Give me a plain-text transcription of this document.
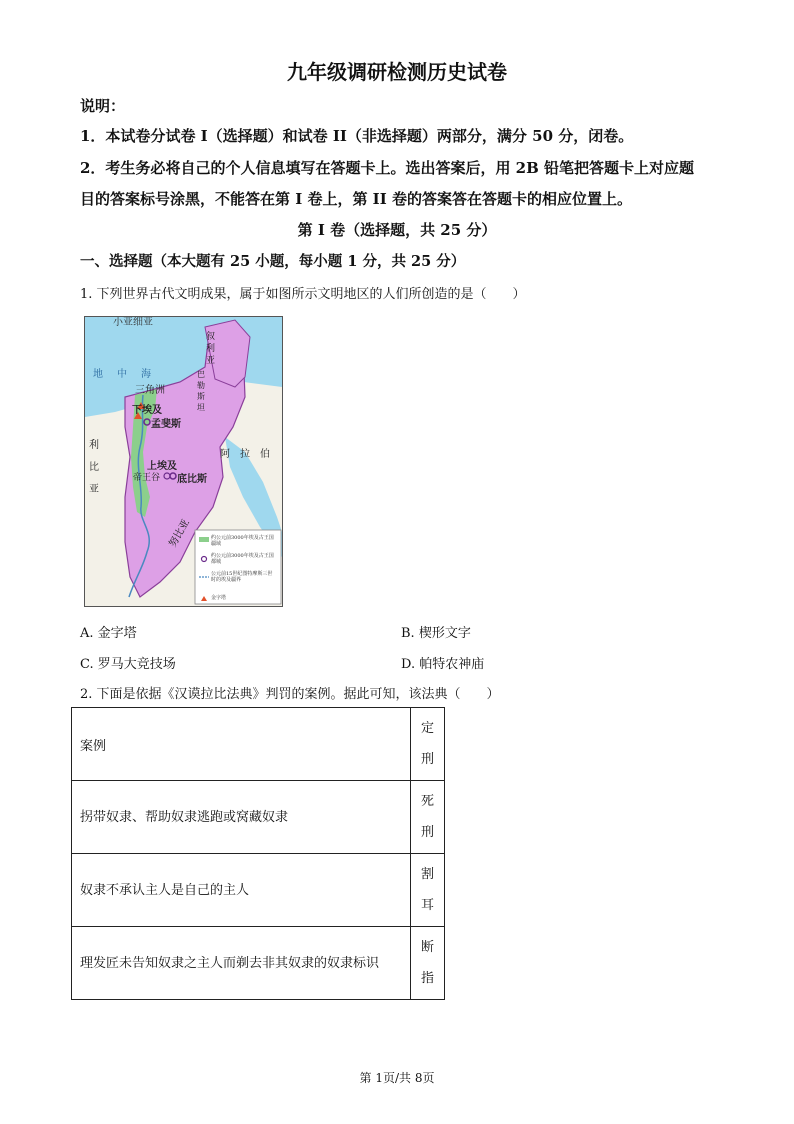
九年级调研检测历史试卷
说明：
1．本试卷分试卷 I（选择题）和试卷 II（非选择题）两部分，满分 50 分，闭卷。
2．考生务必将自己的个人信息填写在答题卡上。选出答案后，用 2B 铅笔把答题卡上对应题
目的答案标号涂黑，不能答在第 I 卷上，第 II 卷的答案答在答题卡的相应位置上。
第 I 卷（选择题，共 25 分）
一、选择题（本大题有 25 小题，每小题 1 分，共 25 分）
1. 下列世界古代文明成果，属于如图所示文明地区的人们所创造的是（　　）
小亚细亚
叙利亚
地中海	巴勒斯坦
三角洲
下埃及
孟斐斯
利比亚
阿拉伯
上埃及
帝王谷 底比斯
努比亚	约公元前3000年埃及古王国疆域
约公元前3000年埃及古王国都城
公元前15世纪图特摩斯三世时的埃及疆界
金字塔
A. 金字塔	B. 楔形文字
C. 罗马大竞技场	D. 帕特农神庙
2. 下面是依据《汉谟拉比法典》判罚的案例。据此可知，该法典（　　）
案例	定
刑
拐带奴隶、帮助奴隶逃跑或窝藏奴隶	死
刑
奴隶不承认主人是自己的主人	割
耳

理发匠未告知奴隶之主人而剃去非其奴隶的奴隶标识	断
指
第 1页/共 8页
